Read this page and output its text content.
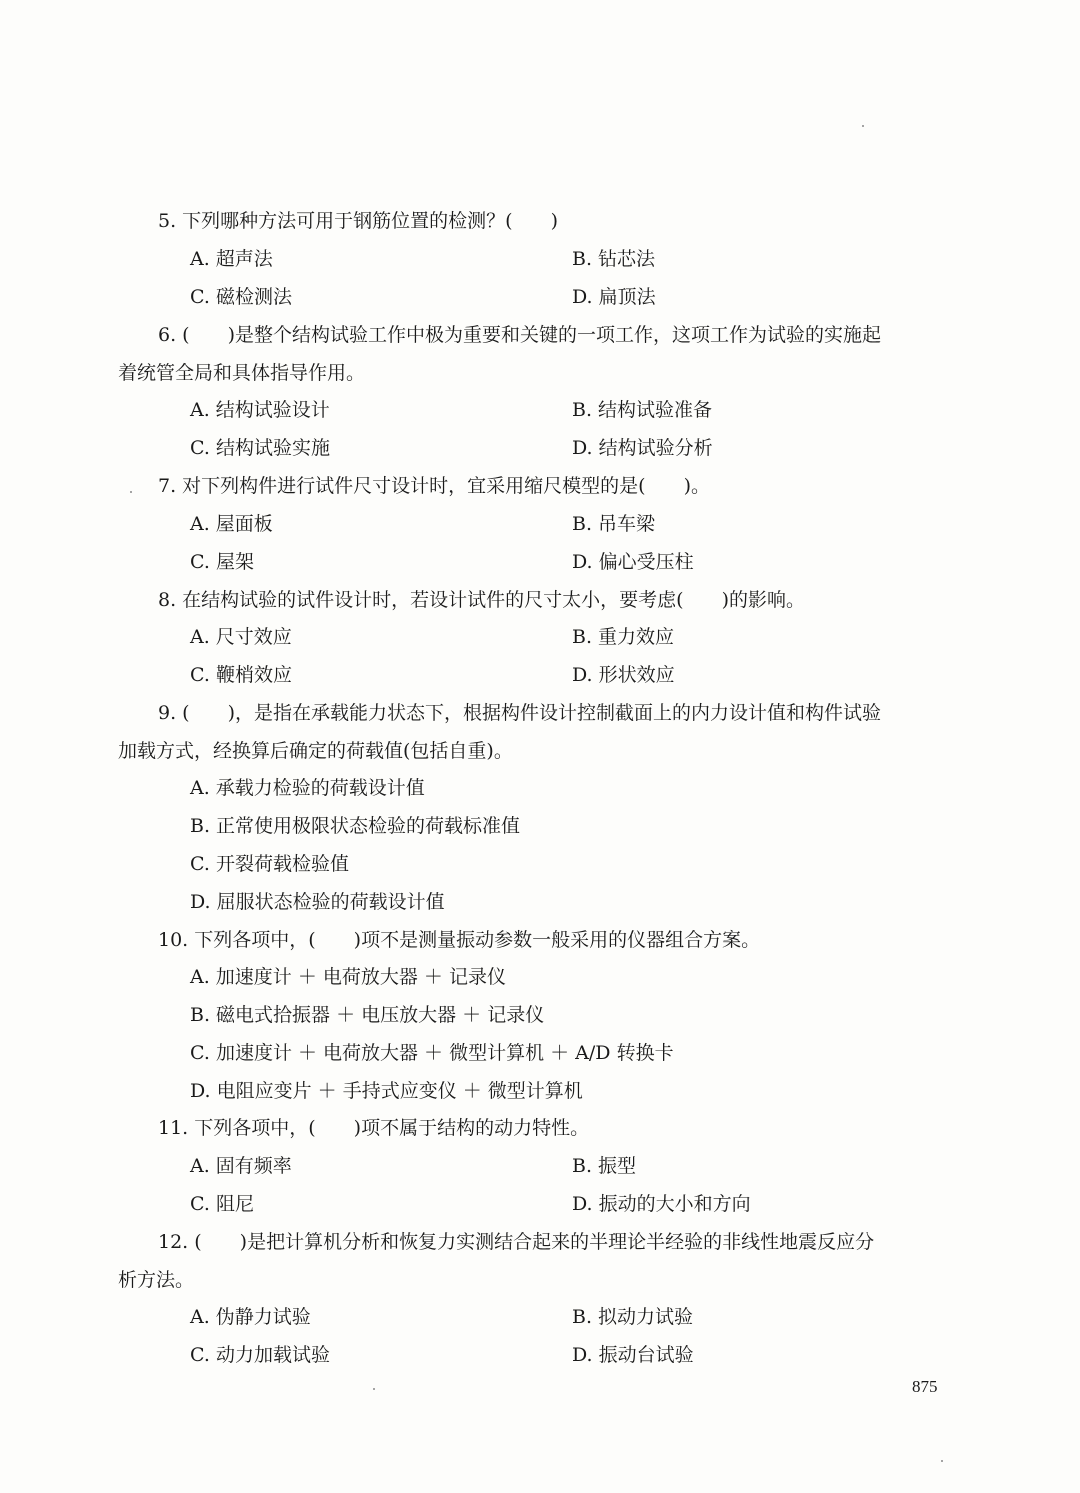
5. 下列哪种方法可用于钢筋位置的检测？(　　)
A. 超声法	B. 钻芯法
C. 磁检测法	D. 扁顶法
6. (　　)是整个结构试验工作中极为重要和关键的一项工作，这项工作为试验的实施起
着统管全局和具体指导作用。
A. 结构试验设计	B. 结构试验准备
C. 结构试验实施	D. 结构试验分析
7. 对下列构件进行试件尺寸设计时，宜采用缩尺模型的是(　　)。
A. 屋面板	B. 吊车梁
C. 屋架	D. 偏心受压柱
8. 在结构试验的试件设计时，若设计试件的尺寸太小，要考虑(　　)的影响。
A. 尺寸效应	B. 重力效应
C. 鞭梢效应	D. 形状效应
9. (　　)，是指在承载能力状态下，根据构件设计控制截面上的内力设计值和构件试验
加载方式，经换算后确定的荷载值(包括自重)。
A. 承载力检验的荷载设计值
B. 正常使用极限状态检验的荷载标准值
C. 开裂荷载检验值
D. 屈服状态检验的荷载设计值
10. 下列各项中，(　　)项不是测量振动参数一般采用的仪器组合方案。
A. 加速度计 ＋ 电荷放大器 ＋ 记录仪
B. 磁电式拾振器 ＋ 电压放大器 ＋ 记录仪
C. 加速度计 ＋ 电荷放大器 ＋ 微型计算机 ＋ A/D 转换卡
D. 电阻应变片 ＋ 手持式应变仪 ＋ 微型计算机
11. 下列各项中，(　　)项不属于结构的动力特性。
A. 固有频率	B. 振型
C. 阻尼	D. 振动的大小和方向
12. (　　)是把计算机分析和恢复力实测结合起来的半理论半经验的非线性地震反应分
析方法。
A. 伪静力试验	B. 拟动力试验
C. 动力加载试验	D. 振动台试验
875
